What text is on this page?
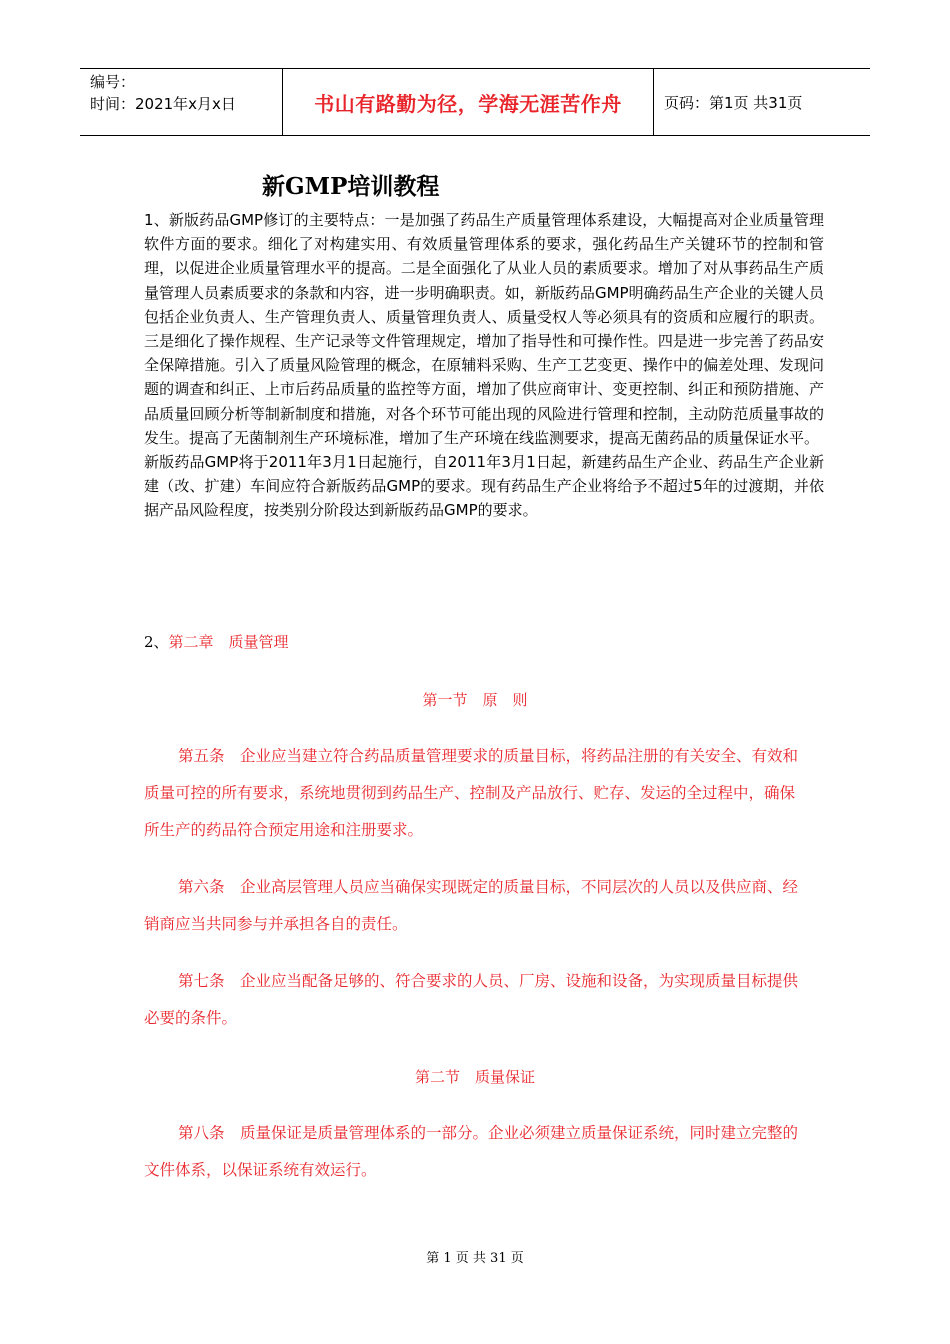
编号：
时间：2021年x月x日	书山有路勤为径，学海无涯苦作舟	页码：第1页 共31页
新GMP培训教程

1、新版药品GMP修订的主要特点：一是加强了药品生产质量管理体系建设，大幅提高对企业质量管理软件方面的要求。细化了对构建实用、有效质量管理体系的要求，强化药品生产关键环节的控制和管理，以促进企业质量管理水平的提高。二是全面强化了从业人员的素质要求。增加了对从事药品生产质量管理人员素质要求的条款和内容，进一步明确职责。如，新版药品GMP明确药品生产企业的关键人员包括企业负责人、生产管理负责人、质量管理负责人、质量受权人等必须具有的资质和应履行的职责。三是细化了操作规程、生产记录等文件管理规定，增加了指导性和可操作性。四是进一步完善了药品安全保障措施。引入了质量风险管理的概念，在原辅料采购、生产工艺变更、操作中的偏差处理、发现问题的调查和纠正、上市后药品质量的监控等方面，增加了供应商审计、变更控制、纠正和预防措施、产品质量回顾分析等制新制度和措施，对各个环节可能出现的风险进行管理和控制，主动防范质量事故的发生。提高了无菌制剂生产环境标准，增加了生产环境在线监测要求，提高无菌药品的质量保证水平。

新版药品GMP将于2011年3月1日起施行，自2011年3月1日起，新建药品生产企业、药品生产企业新建（改、扩建）车间应符合新版药品GMP的要求。现有药品生产企业将给予不超过5年的过渡期，并依据产品风险程度，按类别分阶段达到新版药品GMP的要求。

2、第二章　质量管理
第一节　原　则

第五条　企业应当建立符合药品质量管理要求的质量目标，将药品注册的有关安全、有效和质量可控的所有要求，系统地贯彻到药品生产、控制及产品放行、贮存、发运的全过程中，确保所生产的药品符合预定用途和注册要求。

第六条　企业高层管理人员应当确保实现既定的质量目标，不同层次的人员以及供应商、经销商应当共同参与并承担各自的责任。

第七条　企业应当配备足够的、符合要求的人员、厂房、设施和设备，为实现质量目标提供必要的条件。

第二节　质量保证

第八条　质量保证是质量管理体系的一部分。企业必须建立质量保证系统，同时建立完整的文件体系，以保证系统有效运行。

第 1 页 共 31 页
